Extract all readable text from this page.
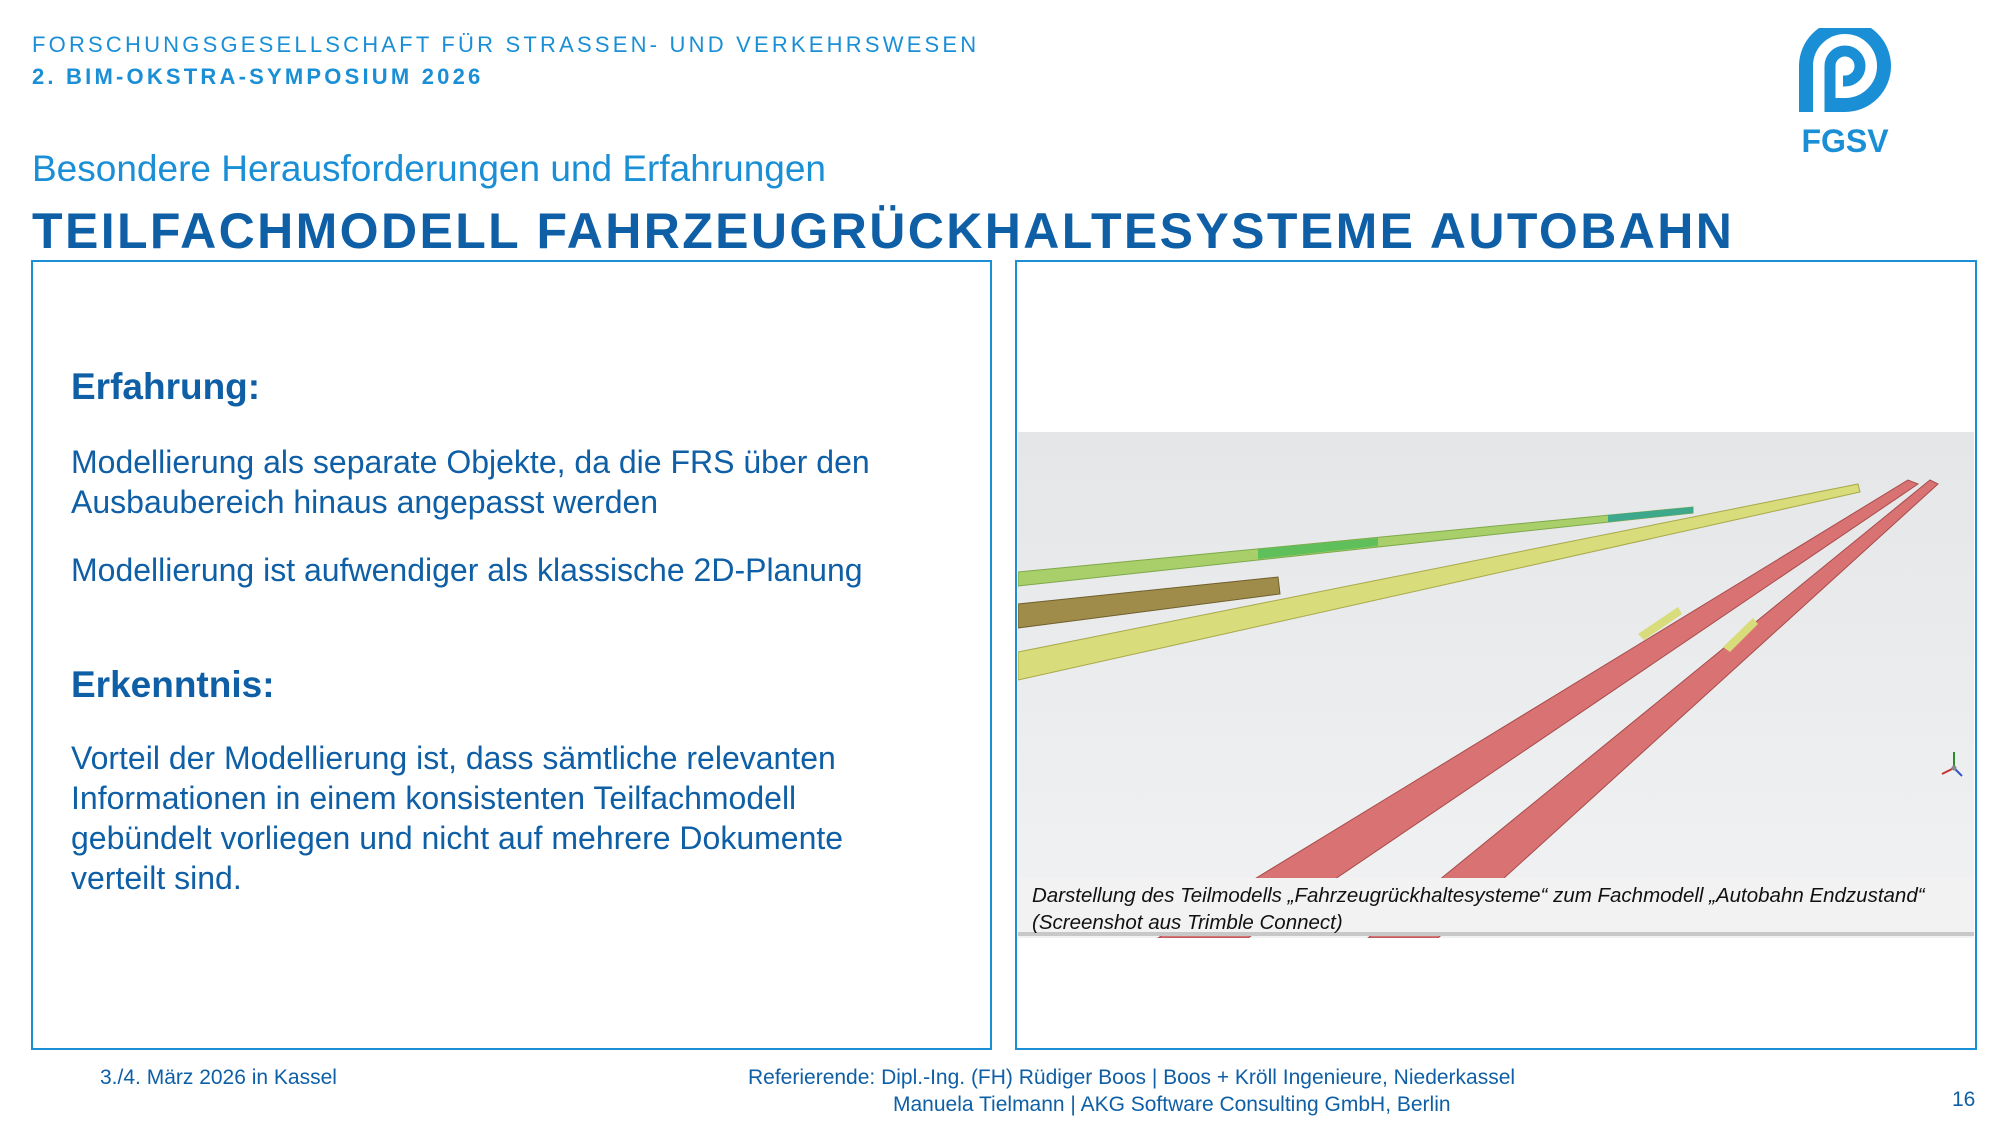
FORSCHUNGSGESELLSCHAFT FÜR STRASSEN- UND VERKEHRSWESEN
2. BIM-OKSTRA-SYMPOSIUM 2026
FGSV
Besondere Herausforderungen und Erfahrungen
TEILFACHMODELL FAHRZEUGRÜCKHALTESYSTEME AUTOBAHN
Erfahrung:
Modellierung als separate Objekte, da die FRS über den Ausbaubereich hinaus angepasst werden
Modellierung ist aufwendiger als klassische 2D-Planung
Erkenntnis:
Vorteil der Modellierung ist, dass sämtliche relevanten Informationen in einem konsistenten Teilfachmodell gebündelt vorliegen und nicht auf mehrere Dokumente verteilt sind.	Darstellung des Teilmodells „Fahrzeugrückhaltesysteme“ zum Fachmodell „Autobahn Endzustand“ (Screenshot aus Trimble Connect)
3./4. März 2026 in Kassel	Referierende: Dipl.-Ing. (FH) Rüdiger Boos | Boos + Kröll Ingenieure, Niederkassel
Manuela Tielmann | AKG Software Consulting GmbH, Berlin	16
